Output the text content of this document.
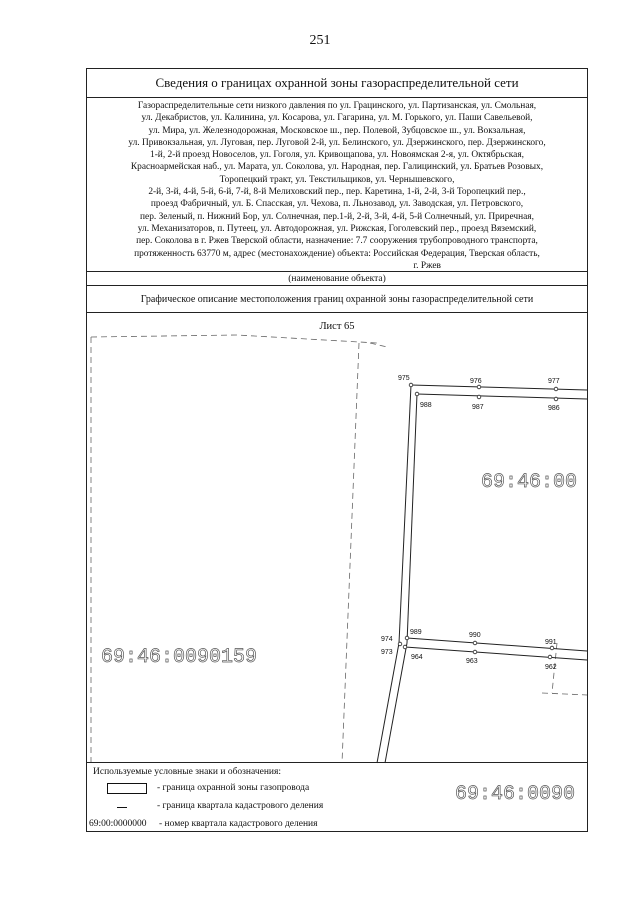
251
Сведения о границах охранной зоны газораспределительной сети
Газораспределительные сети низкого давления по ул. Грацинского, ул. Партизанская, ул. Смольная,
ул. Декабристов, ул. Калинина, ул. Косарова, ул. Гагарина, ул. М. Горького, ул. Паши Савельевой,
ул. Мира, ул. Железнодорожная, Московское ш., пер. Полевой, Зубцовское ш., ул. Вокзальная,
ул. Привокзальная, ул. Луговая, пер. Луговой 2-й, ул. Белинского, ул. Дзержинского, пер. Дзержинского,
1-й, 2-й проезд Новоселов, ул. Гоголя, ул. Кривощапова, ул. Новоямская 2-я, ул. Октябрьская,
Красноармейская наб., ул. Марата, ул. Соколова, ул. Народная, пер. Галицинский, ул. Братьев Розовых,
Торопецкий тракт, ул. Текстильщиков, ул. Чернышевского,
2-й, 3-й, 4-й, 5-й, 6-й, 7-й, 8-й Мелиховский пер., пер. Каретина, 1-й, 2-й, 3-й Торопецкий пер.,
проезд Фабричный, ул. Б. Спасская, ул. Чехова, п. Льнозавод, ул. Заводская, ул. Петровского,
пер. Зеленый, п. Нижний Бор, ул. Солнечная, пер.1-й, 2-й, 3-й, 4-й, 5-й Солнечный, ул. Приречная,
ул. Механизаторов, п. Путеец, ул. Автодорожная, ул. Рижская, Гоголевский пер., проезд Вяземский,
пер. Соколова в г. Ржев Тверской области, назначение: 7.7 сооружения трубопроводного транспорта,
протяженность 63770 м, адрес (местонахождение) объекта: Российская Федерация, Тверская область,
г. Ржев
(наименование объекта)
Графическое описание местоположения границ охранной зоны газораспределительной сети
975	976	977
988	987	986
989	990
991
974
973
964
963
962
69:46:00
69:46:0090159
69:46:0090
Лист 65
Используемые условные знаки и обозначения:
- граница охранной зоны газопровода
- граница квартала кадастрового деления
69:00:0000000 - номер квартала кадастрового деления
